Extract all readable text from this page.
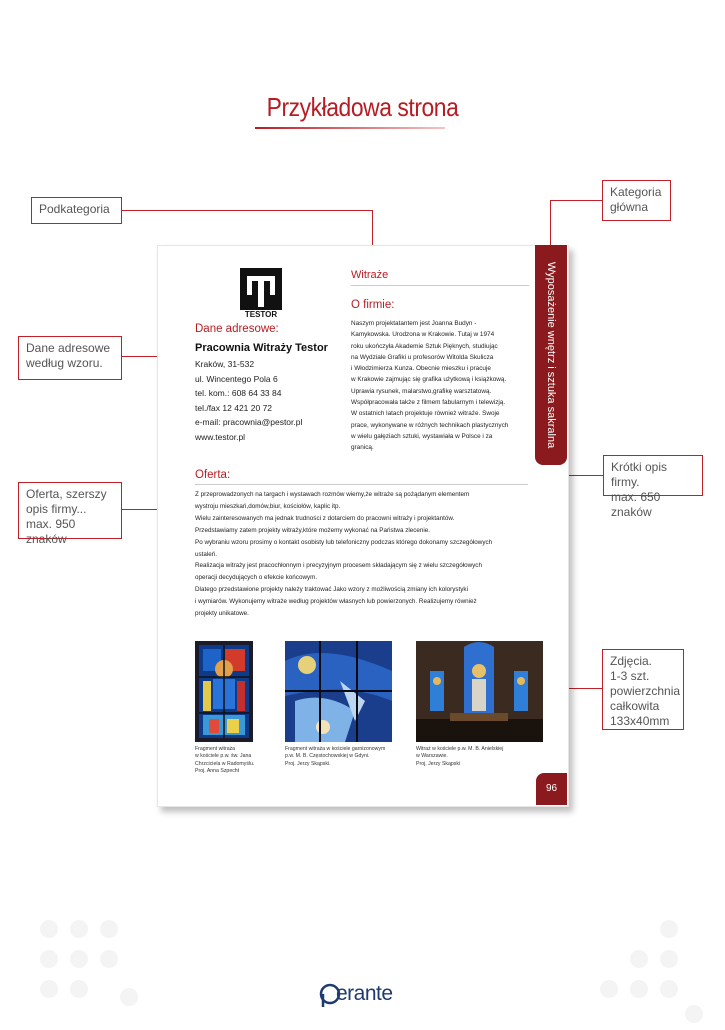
Przykładowa strona
Podkategoria
Kategoria
główna
Dane adresowe
według wzoru.
Oferta, szerszy
opis firmy...
max. 950 znaków
Krótki opis firmy.
max. 650 znaków
Zdjęcia.
1-3 szt.
powierzchnia
całkowita
133x40mm
Wyposażenie wnętrz i sztuka sakralna
TESTOR
Dane adresowe:
Pracownia Witraży Testor
Kraków, 31-532
ul. Wincentego Pola 6
tel. kom.: 608 64 33 84
tel./fax 12 421 20 72
e-mail: pracownia@pestor.pl
www.testor.pl
Witraże
O firmie:
Naszym projektatantem jest Joanna Budyn -
Kamykowska. Urodzona w Krakowie. Tutaj w 1974
roku ukończyła Akademie Sztuk Pięknych, studiując
na Wydziale Grafiki u profesorów Witolda Skulicza
i Włodzimierza Kunza. Obecnie mieszku i pracuje
w Krakowie zajmując się grafika użytkową i książkową.
Uprawia rysunek, malarstwo,grafikę warsztatową.
Współpracowała także z filmem fabularnym i telewizją.
W ostatnich latach projektuje również witraże. Swoje
prace, wykonywane w różnych technikach plastycznych
w wielu gałęziach sztuki, wystawiała w Polsce i za
granicą.
Oferta:
Z przeprowadzonych na targach i wystawach rozmów wiemy,że witraże są pożądanym elementem
wystroju mieszkań,domów,biur, kościołów, kaplic itp.
Wielu zainteresowanych ma jednak trudności z dotarciem do pracowni witraży i projektantów.
Przedstawiamy zatem projekty witraży,które możemy wykonać na Państwa zlecenie.
Po wybraniu wzoru prosimy o kontakt osobisty lub telefoniczny podczas którego dokonamy szczegółowych
ustaleń.
Realizacja witraży jest pracochłonnym i precyzyjnym procesem składającym się z wielu szczegółowych
operacji decydujących o efekcie końcowym.
Dlatego przedstawione projekty należy traktować Jako wzory z możliwością zmiany ich kolorystyki
i wymiarów. Wykonujemy witraże według projektów własnych lub powierzonych. Realizujemy również
projekty unikatowe.
Fragment witraża
w kościele p.w. św. Jana
Chrzciciela w Radomyślu.
Proj. Anna Szpecht
Fragment witraża w kościele garnizonowym
p.w. M. B. Częstochowskiej w Gdyni.
Proj. Jerzy Skąpski.
Witraż w kościele p.w. M. B. Anielskiej
w Warszawie.
Proj. Jerzy Skąpski
96
erante
